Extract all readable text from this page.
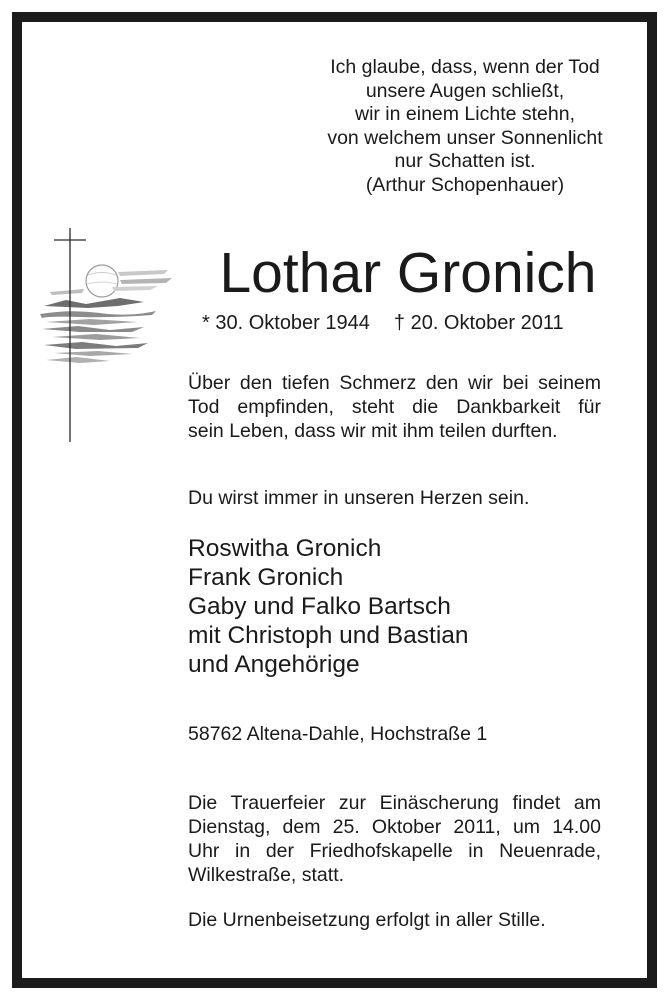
Ich glaube, dass, wenn der Tod
unsere Augen schließt,
wir in einem Lichte stehn,
von welchem unser Sonnenlicht
nur Schatten ist.
(Arthur Schopenhauer)
Lothar Gronich
* 30. Oktober 1944 † 20. Oktober 2011
Über den tiefen Schmerz den wir bei seinem
Tod empfinden, steht die Dankbarkeit für
sein Leben, dass wir mit ihm teilen durften.
Du wirst immer in unseren Herzen sein.
Roswitha Gronich
Frank Gronich
Gaby und Falko Bartsch
mit Christoph und Bastian
und Angehörige
58762 Altena-Dahle, Hochstraße 1
Die Trauerfeier zur Einäscherung findet am
Dienstag, dem 25. Oktober 2011, um 14.00
Uhr in der Friedhofskapelle in Neuenrade,
Wilkestraße, statt.
Die Urnenbeisetzung erfolgt in aller Stille.
